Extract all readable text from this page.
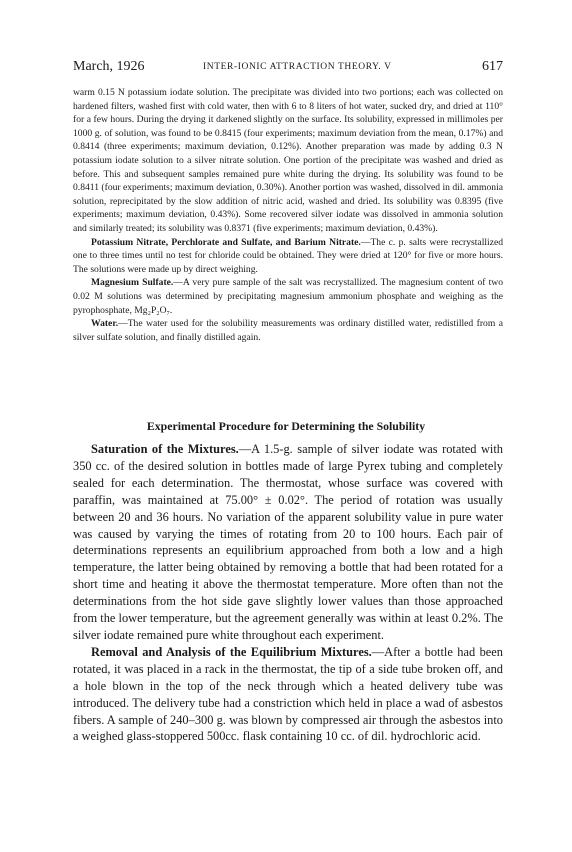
March, 1926	INTER-IONIC ATTRACTION THEORY. V	617

warm 0.15 N potassium iodate solution. The precipitate was divided into two portions; each was collected on hardened filters, washed first with cold water, then with 6 to 8 liters of hot water, sucked dry, and dried at 110° for a few hours. During the drying it darkened slightly on the surface. Its solubility, expressed in millimoles per 1000 g. of solution, was found to be 0.8415 (four experiments; maximum deviation from the mean, 0.17%) and 0.8414 (three experiments; maximum deviation, 0.12%). Another preparation was made by adding 0.3 N potassium iodate solution to a silver nitrate solution. One portion of the precipitate was washed and dried as before. This and subsequent samples remained pure white during the drying. Its solubility was found to be 0.8411 (four experiments; maximum deviation, 0.30%). Another portion was washed, dissolved in dil. ammonia solution, reprecipitated by the slow addition of nitric acid, washed and dried. Its solubility was 0.8395 (five experiments; maximum deviation, 0.43%). Some recovered silver iodate was dissolved in ammonia solution and similarly treated; its solubility was 0.8371 (five experiments; maximum deviation, 0.43%).

Potassium Nitrate, Perchlorate and Sulfate, and Barium Nitrate.—The c. p. salts were recrystallized one to three times until no test for chloride could be obtained. They were dried at 120° for five or more hours. The solutions were made up by direct weighing.

Magnesium Sulfate.—A very pure sample of the salt was recrystallized. The magnesium content of two 0.02 M solutions was determined by precipitating magnesium ammonium phosphate and weighing as the pyrophosphate, Mg₂P₂O₇.

Water.—The water used for the solubility measurements was ordinary distilled water, redistilled from a silver sulfate solution, and finally distilled again.

Experimental Procedure for Determining the Solubility

Saturation of the Mixtures.—A 1.5-g. sample of silver iodate was rotated with 350 cc. of the desired solution in bottles made of large Pyrex tubing and completely sealed for each determination. The thermostat, whose surface was covered with paraffin, was maintained at 75.00° ± 0.02°. The period of rotation was usually between 20 and 36 hours. No variation of the apparent solubility value in pure water was caused by varying the times of rotating from 20 to 100 hours. Each pair of determinations represents an equilibrium approached from both a low and a high temperature, the latter being obtained by removing a bottle that had been rotated for a short time and heating it above the thermostat temperature. More often than not the determinations from the hot side gave slightly lower values than those approached from the lower temperature, but the agreement generally was within at least 0.2%. The silver iodate remained pure white throughout each experiment.

Removal and Analysis of the Equilibrium Mixtures.—After a bottle had been rotated, it was placed in a rack in the thermostat, the tip of a side tube broken off, and a hole blown in the top of the neck through which a heated delivery tube was introduced. The delivery tube had a constriction which held in place a wad of asbestos fibers. A sample of 240–300 g. was blown by compressed air through the asbestos into a weighed glass-stoppered 500cc. flask containing 10 cc. of dil. hydrochloric acid.
